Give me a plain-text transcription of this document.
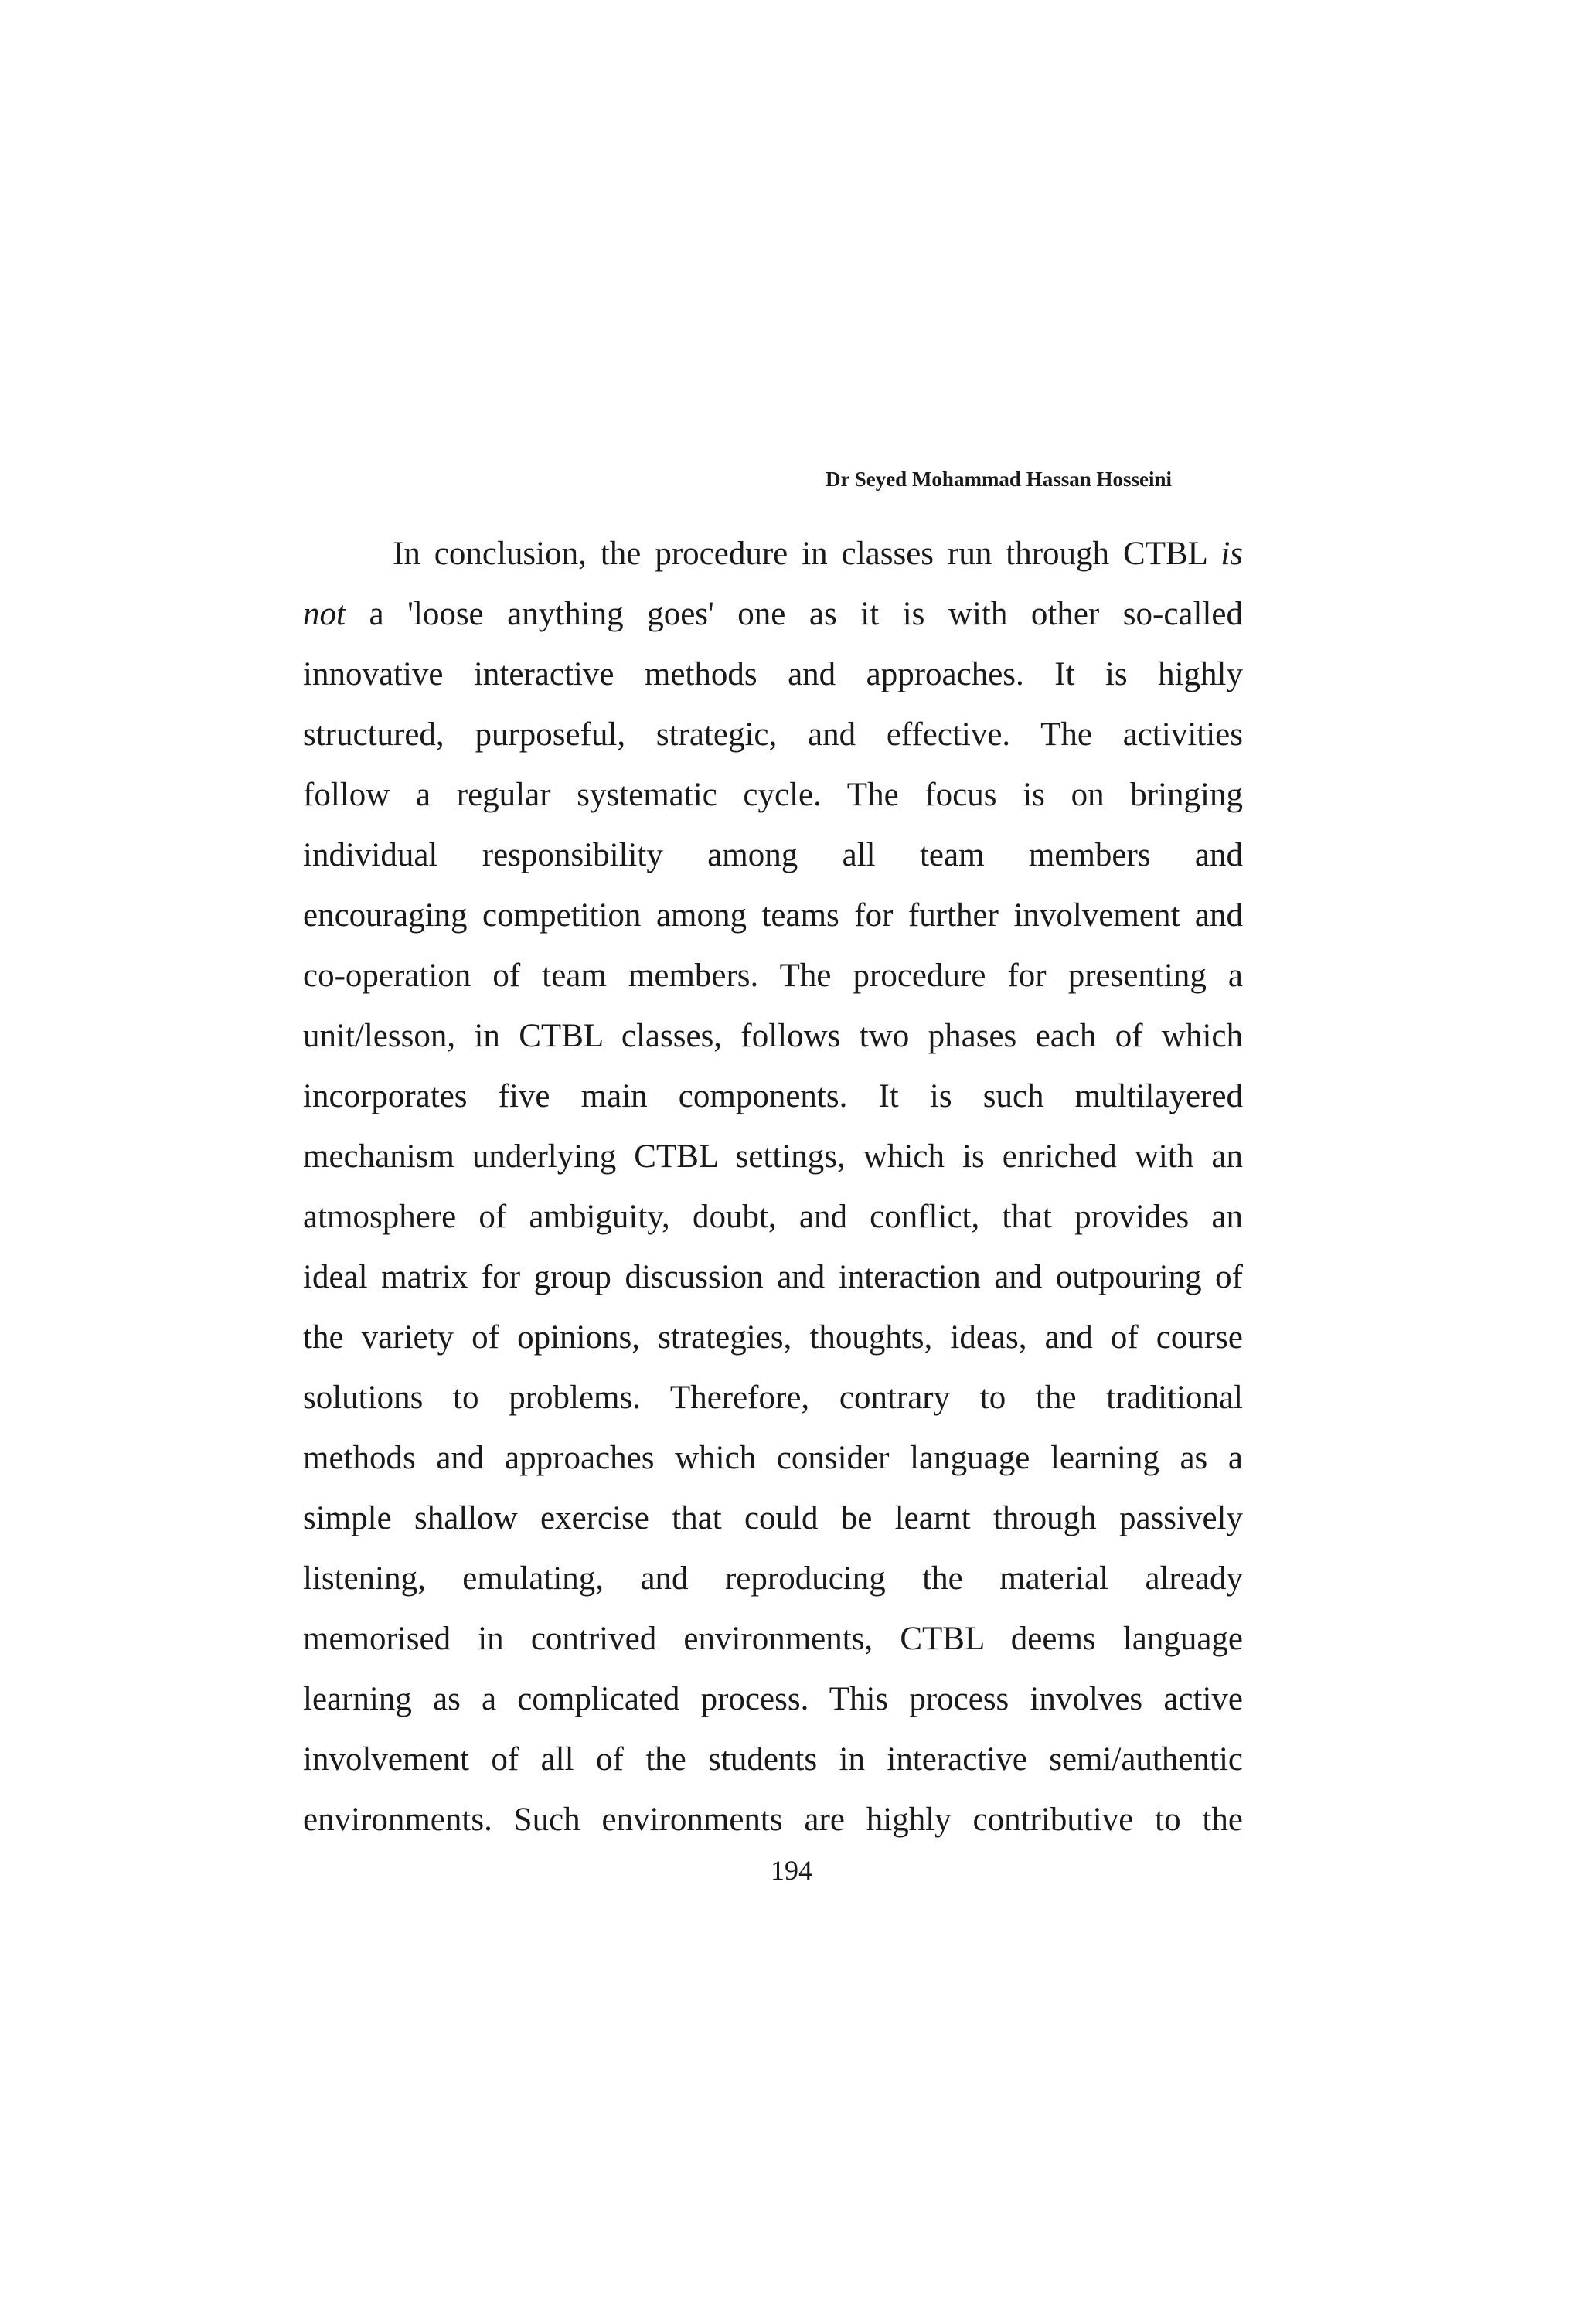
Dr Seyed Mohammad Hassan Hosseini
In conclusion, the procedure in classes run through CTBL is
not a 'loose anything goes' one as it is with other so-called
innovative interactive methods and approaches. It is highly
structured, purposeful, strategic, and effective. The activities
follow a regular systematic cycle. The focus is on bringing
individual responsibility among all team members and
encouraging competition among teams for further involvement and
co-operation of team members. The procedure for presenting a
unit/lesson, in CTBL classes, follows two phases each of which
incorporates five main components. It is such multilayered
mechanism underlying CTBL settings, which is enriched with an
atmosphere of ambiguity, doubt, and conflict, that provides an
ideal matrix for group discussion and interaction and outpouring of
the variety of opinions, strategies, thoughts, ideas, and of course
solutions to problems. Therefore, contrary to the traditional
methods and approaches which consider language learning as a
simple shallow exercise that could be learnt through passively
listening, emulating, and reproducing the material already
memorised in contrived environments, CTBL deems language
learning as a complicated process. This process involves active
involvement of all of the students in interactive semi/authentic
environments. Such environments are highly contributive to the
194
